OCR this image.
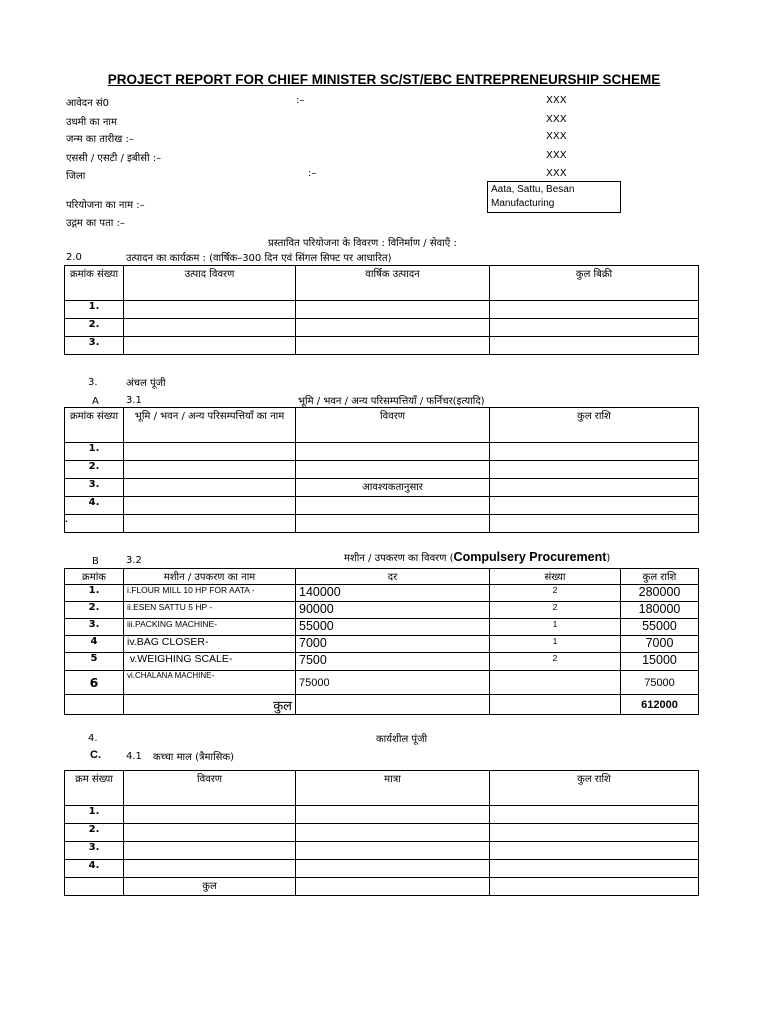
PROJECT REPORT FOR CHIEF MINISTER SC/ST/EBC ENTREPRENEURSHIP SCHEME
आवेदन सं0	:–	XXX
उधमी का नाम	XXX
जन्म का तारीख :–	XXX
एससी / एसटी / इबीसी :–	XXX
जिला	:–	XXX
Aata, Sattu, Besan Manufacturing
परियोजना का नाम :–
उद्गम का पता :–
प्रस्तावित परियोजना के विवरण : विनिर्माण / सेवाएँ :
2.0	उत्पादन का कार्यक्रम : (वार्षिक–300 दिन एवं सिंगल सिफ्ट पर आधारित)
क्रमांक संख्या	उत्पाद विवरण	वार्षिक उत्पादन	कुल बिक्री
1.			
2.			
3.			
3.	अंचल पूंजी
A	3.1	भूमि / भवन / अन्य परिसम्पत्तियाँ / फर्निचर(इत्यादि)
क्रमांक संख्या	भूमि / भवन / अन्य परिसम्पत्तियाँ का नाम	विवरण	कुल राशि
1.			
2.			
3.		आवश्यकतानुसार	
4.			
.			
B	3.2	मशीन / उपकरण का विवरण (Compulsery Procurement)
क्रमांक	मशीन / उपकरण का नाम	दर	संख्या	कुल राशि
1.	i.FLOUR MILL 10 HP FOR AATA -	140000	2	280000
2.	ii.ESEN SATTU 5 HP -	90000	2	180000
3.	iii.PACKING MACHINE-	55000	1	55000
4	iv.BAG CLOSER-	7000	1	7000
5	v.WEIGHING SCALE-	7500	2	15000
6	vi.CHALANA MACHINE-	75000		75000
	कुल			612000
4.	कार्यशील पूंजी
C.	4.1 कच्चा माल (त्रैमासिक)
क्रम संख्या	विवरण	मात्रा	कुल राशि
1.			
2.			
3.			
4.			
	कुल		
